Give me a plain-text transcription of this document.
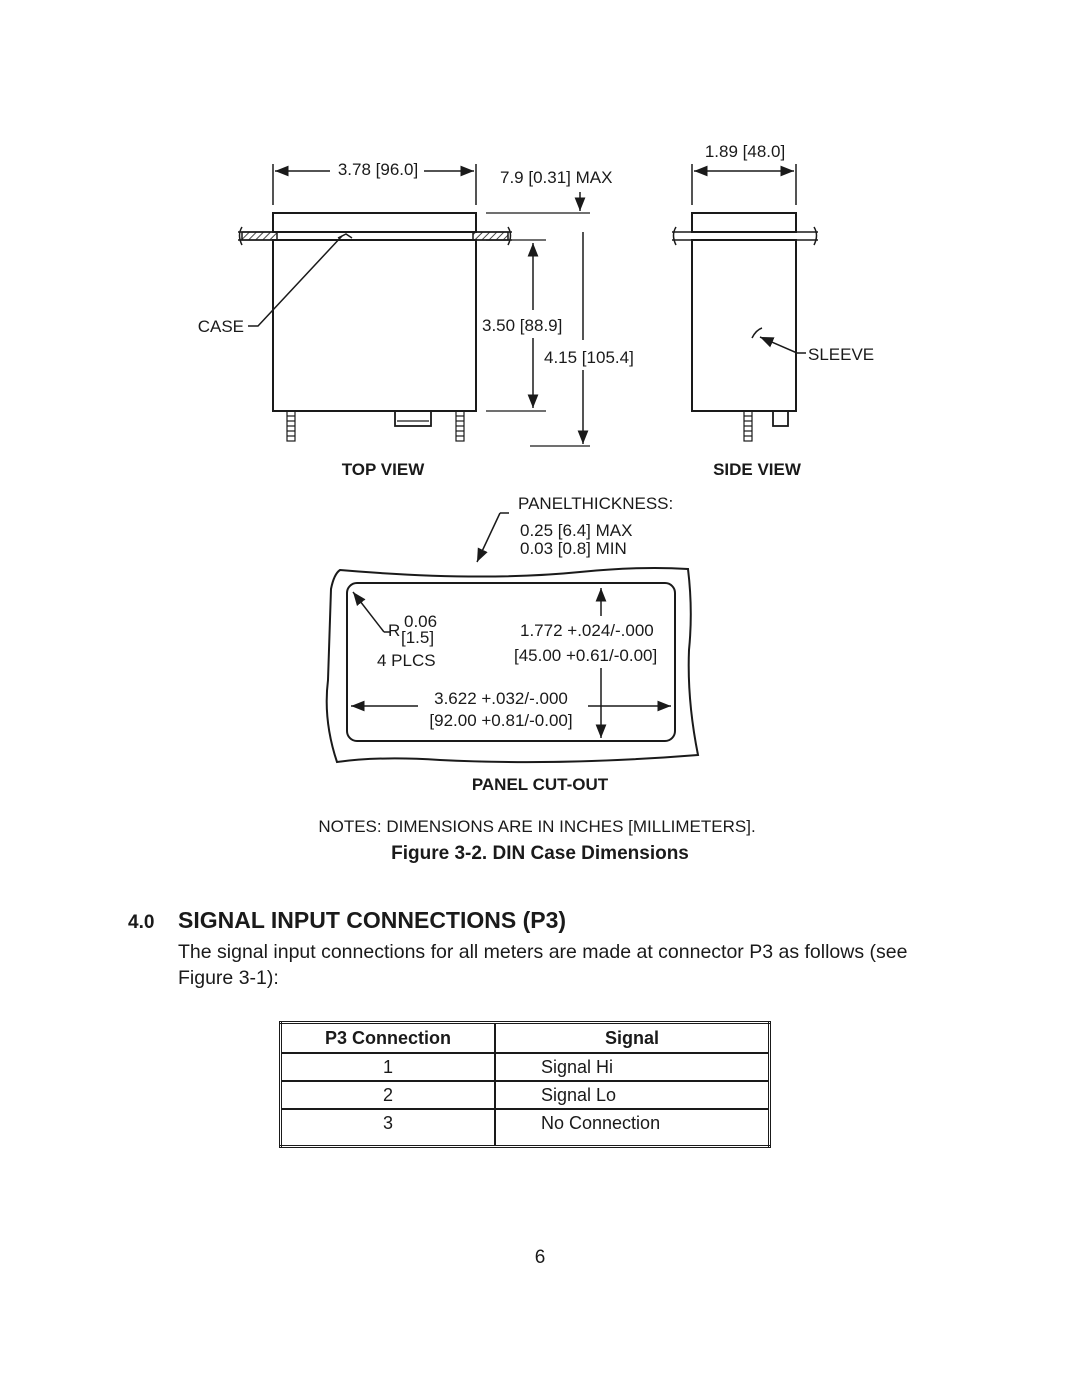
3.78 [96.0]	7.9 [0.31] MAX
CASE	3.50 [88.9]
4.15 [105.4]
TOP VIEW
1.89 [48.0]
SLEEVE
SIDE VIEW
PANELTHICKNESS:
0.25 [6.4] MAX
0.03 [0.8] MIN
R 0.06
[1.5]
4 PLCS
1.772 +.024/-.000
[45.00 +0.61/-0.00]
3.622 +.032/-.000
[92.00 +0.81/-0.00]
PANEL CUT-OUT
NOTES: DIMENSIONS ARE IN INCHES [MILLIMETERS].
Figure 3-2. DIN Case Dimensions
4.0 SIGNAL INPUT CONNECTIONS (P3)
The signal input connections for all meters are made at connector P3 as follows (see Figure 3-1):
P3 Connection	Signal
1	Signal Hi
2	Signal Lo
3	No Connection
6
